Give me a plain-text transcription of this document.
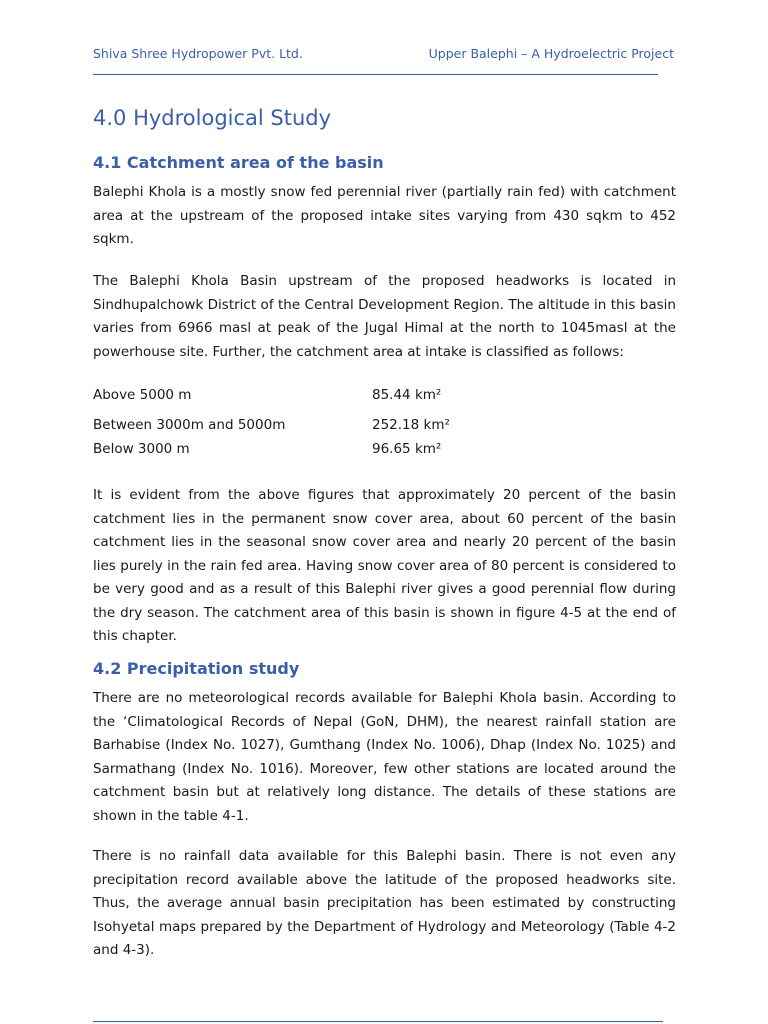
Shiva Shree Hydropower Pvt. Ltd.	Upper Balephi – A Hydroelectric Project
4.0 Hydrological Study
4.1 Catchment area of the basin

Balephi Khola is a mostly snow fed perennial river (partially rain fed) with catchment area at the upstream of the proposed intake sites varying from 430 sqkm to 452 sqkm.

The Balephi Khola Basin upstream of the proposed headworks is located in Sindhupalchowk District of the Central Development Region. The altitude in this basin varies from 6966 masl at peak of the Jugal Himal at the north to 1045masl at the powerhouse site. Further, the catchment area at intake is classified as follows:

Above 5000 m	85.44 km²
Between 3000m and 5000m	252.18 km²
Below 3000 m	96.65 km²

It is evident from the above figures that approximately 20 percent of the basin catchment lies in the permanent snow cover area, about 60 percent of the basin catchment lies in the seasonal snow cover area and nearly 20 percent of the basin lies purely in the rain fed area. Having snow cover area of 80 percent is considered to be very good and as a result of this Balephi river gives a good perennial flow during the dry season. The catchment area of this basin is shown in figure 4-5 at the end of this chapter.

4.2 Precipitation study

There are no meteorological records available for Balephi Khola basin. According to the ‘Climatological Records of Nepal (GoN, DHM), the nearest rainfall station are Barhabise (Index No. 1027), Gumthang (Index No. 1006), Dhap (Index No. 1025) and Sarmathang (Index No. 1016). Moreover, few other stations are located around the catchment basin but at relatively long distance. The details of these stations are shown in the table 4-1.

There is no rainfall data available for this Balephi basin. There is not even any precipitation record available above the latitude of the proposed headworks site. Thus, the average annual basin precipitation has been estimated by constructing Isohyetal maps prepared by the Department of Hydrology and Meteorology (Table 4-2 and 4-3).
